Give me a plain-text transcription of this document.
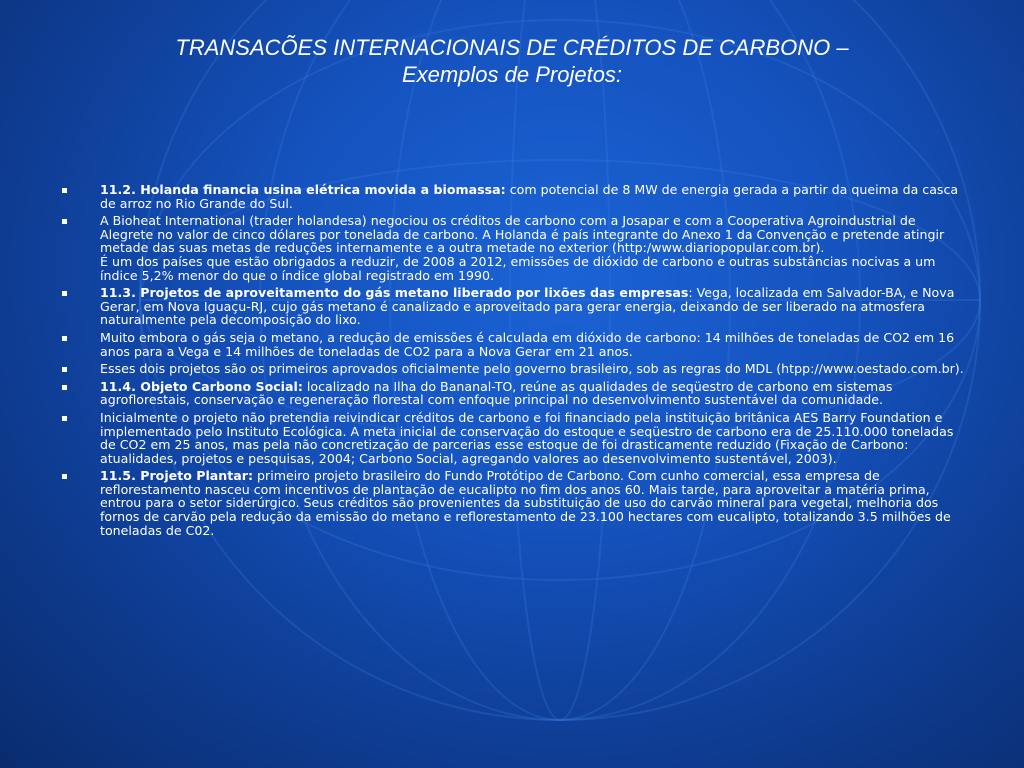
TRANSACÕES INTERNACIONAIS DE CRÉDITOS DE CARBONO –
Exemplos de Projetos:
11.2. Holanda financia usina elétrica movida a biomassa: com potencial de 8 MW de energia gerada a partir da queima da casca de arroz no Rio Grande do Sul.
A Bioheat International (trader holandesa) negociou os créditos de carbono com a Josapar e com a Cooperativa Agroindustrial de Alegrete no valor de cinco dólares por tonelada de carbono. A Holanda é país integrante do Anexo 1 da Convenção e pretende atingir metade das suas metas de reduções internamente e a outra metade no exterior (http:/www.diariopopular.com.br).
É um dos países que estão obrigados a reduzir, de 2008 a 2012, emissões de dióxido de carbono e outras substâncias nocivas a um índice 5,2% menor do que o índice global registrado em 1990.
11.3. Projetos de aproveitamento do gás metano liberado por lixões das empresas: Vega, localizada em Salvador-BA, e Nova Gerar, em Nova Iguaçu-RJ, cujo gás metano é canalizado e aproveitado para gerar energia, deixando de ser liberado na atmosfera naturalmente pela decomposição do lixo.
Muito embora o gás seja o metano, a redução de emissões é calculada em dióxido de carbono: 14 milhões de toneladas de CO2 em 16 anos para a Vega e 14 milhões de toneladas de CO2 para a Nova Gerar em 21 anos.
Esses dois projetos são os primeiros aprovados oficialmente pelo governo brasileiro, sob as regras do MDL (htpp://www.oestado.com.br).
11.4. Objeto Carbono Social: localizado na Ilha do Bananal-TO, reúne as qualidades de seqüestro de carbono em sistemas agroflorestais, conservação e regeneração florestal com enfoque principal no desenvolvimento sustentável da comunidade.
Inicialmente o projeto não pretendia reivindicar créditos de carbono e foi financiado pela instituição britânica AES Barry Foundation e implementado pelo Instituto Ecológica. A meta inicial de conservação do estoque e seqüestro de carbono era de 25.110.000 toneladas de CO2 em 25 anos, mas pela não concretização de parcerias esse estoque de foi drasticamente reduzido (Fixação de Carbono: atualidades, projetos e pesquisas, 2004; Carbono Social, agregando valores ao desenvolvimento sustentável, 2003).
11.5. Projeto Plantar: primeiro projeto brasileiro do Fundo Protótipo de Carbono. Com cunho comercial, essa empresa de reflorestamento nasceu com incentivos de plantação de eucalipto no fim dos anos 60. Mais tarde, para aproveitar a matéria prima, entrou para o setor siderúrgico. Seus créditos são provenientes da substituição de uso do carvão mineral para vegetal, melhoria dos fornos de carvão pela redução da emissão do metano e reflorestamento de 23.100 hectares com eucalipto, totalizando 3.5 milhões de toneladas de C02.
